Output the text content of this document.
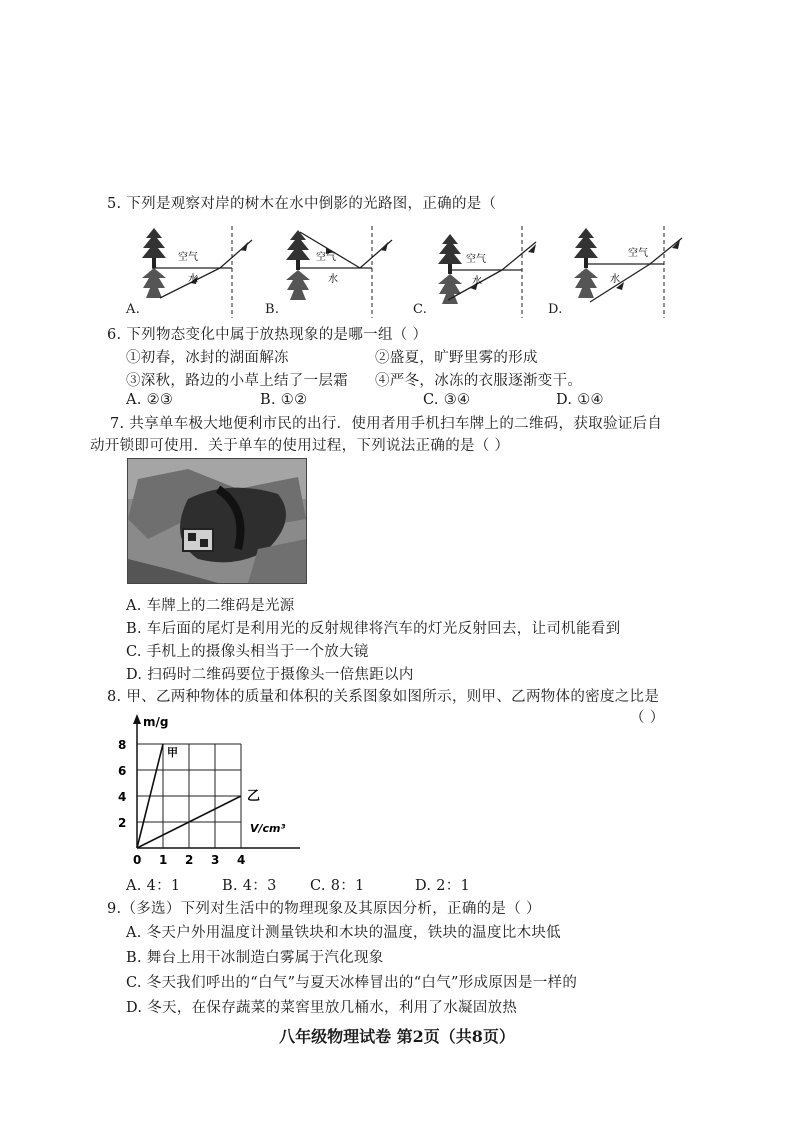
5. 下列是观察对岸的树木在水中倒影的光路图，正确的是（
空气
水
空气
水
空气
水
空气
水
A.	B.	C.	D.
6. 下列物态变化中属于放热现象的是哪一组（ ）
①初春，冰封的湖面解冻	②盛夏，旷野里雾的形成
③深秋，路边的小草上结了一层霜 ④严冬，冰冻的衣服逐渐变干。
A. ②③	B. ①②	C. ③④	D. ①④
7. 共享单车极大地便利市民的出行．使用者用手机扫车牌上的二维码，获取验证后自
动开锁即可使用．关于单车的使用过程，下列说法正确的是（ ）
A. 车牌上的二维码是光源
B. 车后面的尾灯是利用光的反射规律将汽车的灯光反射回去，让司机能看到
C. 手机上的摄像头相当于一个放大镜
D. 扫码时二维码要位于摄像头一倍焦距以内
8. 甲、乙两种物体的质量和体积的关系图象如图所示，则甲、乙两物体的密度之比是
（ ）
甲
乙
0 1 2 3 4
2
4
6
8
m/g
V/cm³
A. 4：1	B. 4：3 C. 8：1	D. 2：1
9.（多选）下列对生活中的物理现象及其原因分析，正确的是（ ）
A. 冬天户外用温度计测量铁块和木块的温度，铁块的温度比木块低
B. 舞台上用干冰制造白雾属于汽化现象
C. 冬天我们呼出的“白气”与夏天冰棒冒出的“白气”形成原因是一样的
D. 冬天，在保存蔬菜的菜窖里放几桶水，利用了水凝固放热
八年级物理试卷 第2页（共8页）
